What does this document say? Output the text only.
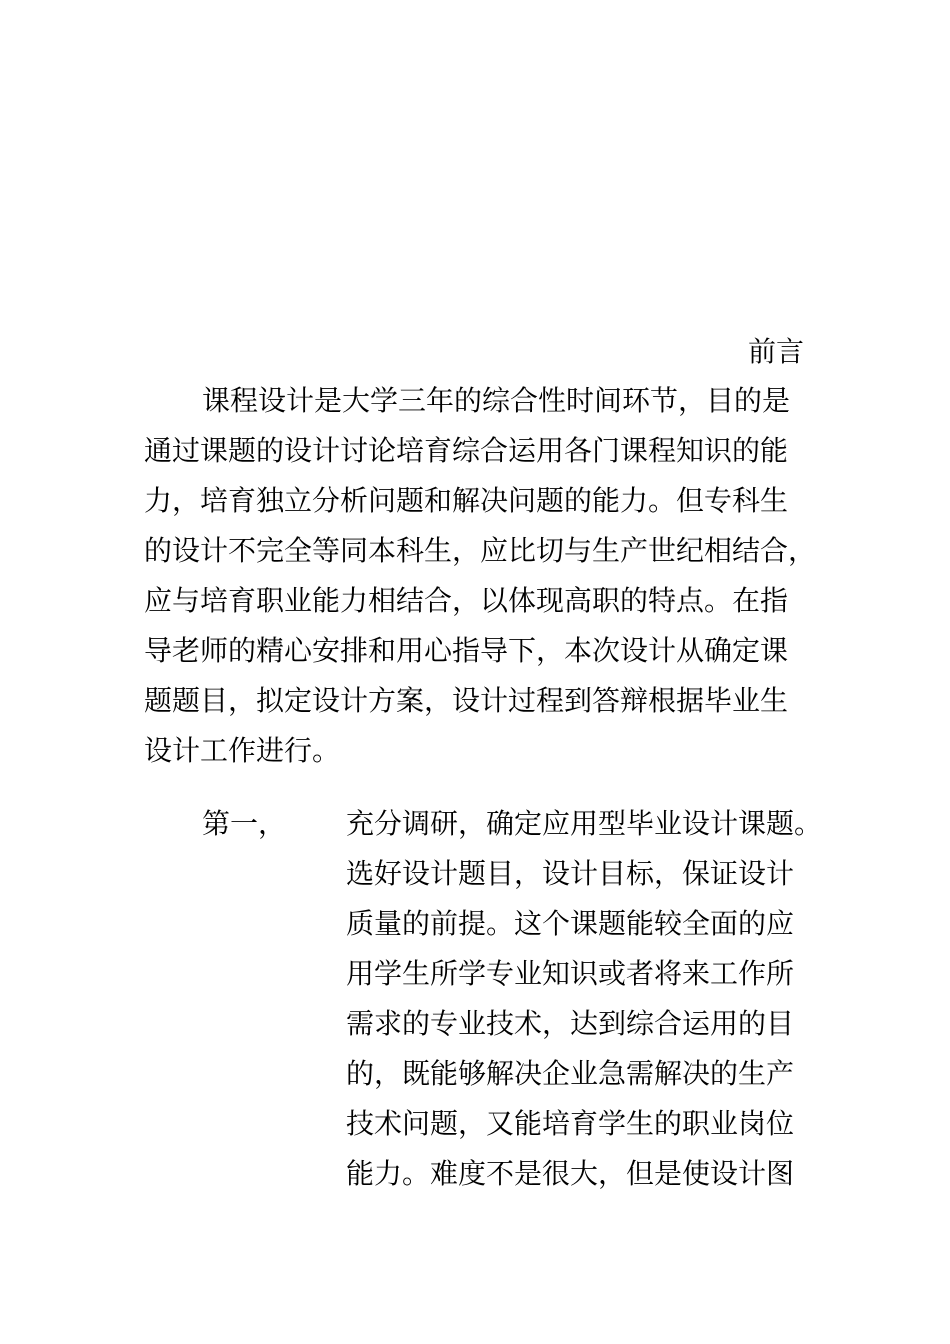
前言
课程设计是大学三年的综合性时间环节，目的是
通过课题的设计讨论培育综合运用各门课程知识的能
力，培育独立分析问题和解决问题的能力。但专科生
的设计不完全等同本科生，应比切与生产世纪相结合，
应与培育职业能力相结合，以体现高职的特点。在指
导老师的精心安排和用心指导下，本次设计从确定课
题题目，拟定设计方案，设计过程到答辩根据毕业生
设计工作进行。
第一， 充分调研，确定应用型毕业设计课题。
选好设计题目，设计目标，保证设计
质量的前提。这个课题能较全面的应
用学生所学专业知识或者将来工作所
需求的专业技术，达到综合运用的目
的，既能够解决企业急需解决的生产
技术问题，又能培育学生的职业岗位
能力。难度不是很大，但是使设计图
